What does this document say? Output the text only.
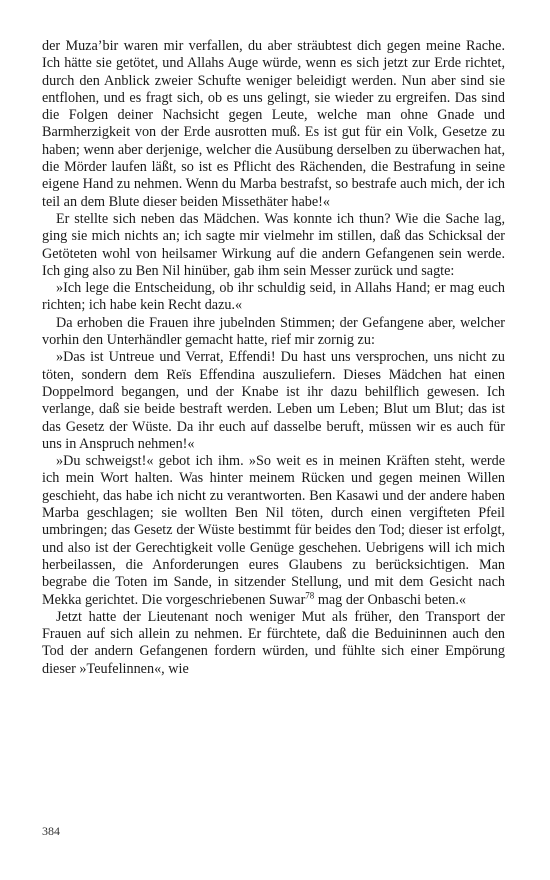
der Muza’bir waren mir verfallen, du aber sträubtest dich gegen meine Rache. Ich hätte sie getötet, und Allahs Auge würde, wenn es sich jetzt zur Erde richtet, durch den Anblick zweier Schufte weniger beleidigt werden. Nun aber sind sie entflohen, und es fragt sich, ob es uns gelingt, sie wieder zu ergreifen. Das sind die Folgen deiner Nachsicht gegen Leute, welche man ohne Gnade und Barmherzigkeit von der Erde ausrotten muß. Es ist gut für ein Volk, Gesetze zu haben; wenn aber derjenige, welcher die Ausübung derselben zu überwachen hat, die Mörder laufen läßt, so ist es Pflicht des Rächenden, die Bestrafung in seine eigene Hand zu nehmen. Wenn du Marba bestrafst, so bestrafe auch mich, der ich teil an dem Blute dieser beiden Missethäter habe!«

Er stellte sich neben das Mädchen. Was konnte ich thun? Wie die Sache lag, ging sie mich nichts an; ich sagte mir vielmehr im stillen, daß das Schicksal der Getöteten wohl von heilsamer Wirkung auf die andern Gefangenen sein werde. Ich ging also zu Ben Nil hinüber, gab ihm sein Messer zurück und sagte:

»Ich lege die Entscheidung, ob ihr schuldig seid, in Allahs Hand; er mag euch richten; ich habe kein Recht dazu.«

Da erhoben die Frauen ihre jubelnden Stimmen; der Gefangene aber, welcher vorhin den Unterhändler gemacht hatte, rief mir zornig zu:

»Das ist Untreue und Verrat, Effendi! Du hast uns versprochen, uns nicht zu töten, sondern dem Reïs Effendina auszuliefern. Dieses Mädchen hat einen Doppelmord begangen, und der Knabe ist ihr dazu behilflich gewesen. Ich verlange, daß sie beide bestraft werden. Leben um Leben; Blut um Blut; das ist das Gesetz der Wüste. Da ihr euch auf dasselbe beruft, müssen wir es auch für uns in Anspruch nehmen!«

»Du schweigst!« gebot ich ihm. »So weit es in meinen Kräften steht, werde ich mein Wort halten. Was hinter meinem Rücken und gegen meinen Willen geschieht, das habe ich nicht zu verantworten. Ben Kasawi und der andere haben Marba geschlagen; sie wollten Ben Nil töten, durch einen vergifteten Pfeil umbringen; das Gesetz der Wüste bestimmt für beides den Tod; dieser ist erfolgt, und also ist der Gerechtigkeit volle Genüge geschehen. Uebrigens will ich mich herbeilassen, die Anforderungen eures Glaubens zu berücksichtigen. Man begrabe die Toten im Sande, in sitzender Stellung, und mit dem Gesicht nach Mekka gerichtet. Die vorgeschriebenen Suwar$^{78}$ mag der Onbaschi beten.«

Jetzt hatte der Lieutenant noch weniger Mut als früher, den Transport der Frauen auf sich allein zu nehmen. Er fürchtete, daß die Beduininnen auch den Tod der andern Gefangenen fordern würden, und fühlte sich einer Empörung dieser »Teufelinnen«, wie

384
